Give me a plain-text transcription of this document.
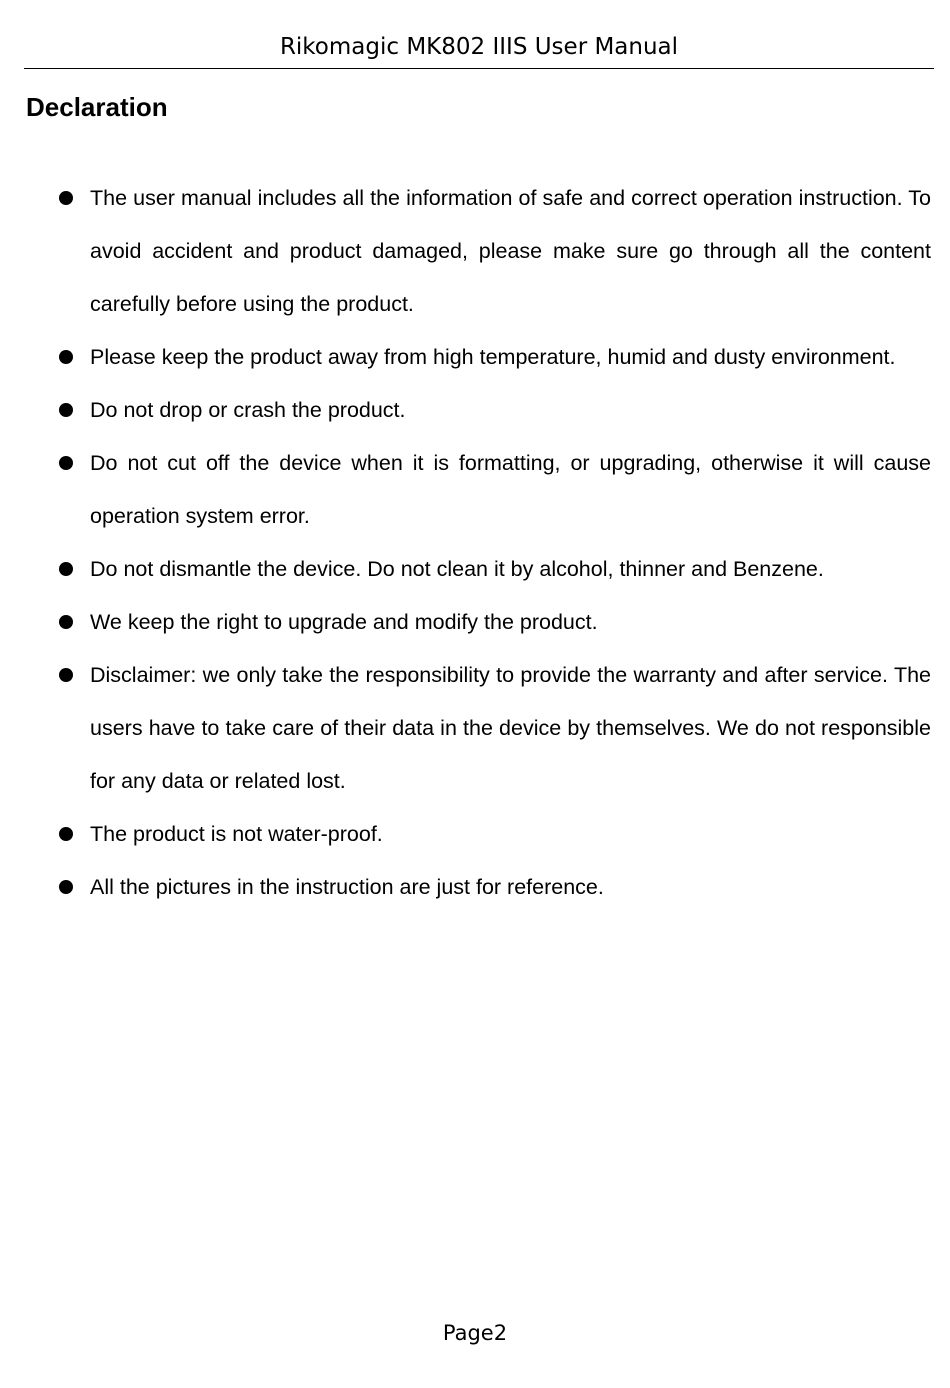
Rikomagic MK802 IIIS User Manual
Declaration
The user manual includes all the information of safe and correct operation instruction. To avoid accident and product damaged, please make sure go through all the content carefully before using the product.
Please keep the product away from high temperature, humid and dusty environment.
Do not drop or crash the product.
Do not cut off the device when it is formatting, or upgrading, otherwise it will cause operation system error.
Do not dismantle the device. Do not clean it by alcohol, thinner and Benzene.
We keep the right to upgrade and modify the product.
Disclaimer: we only take the responsibility to provide the warranty and after service. The users have to take care of their data in the device by themselves. We do not responsible for any data or related lost.
The product is not water-proof.
All the pictures in the instruction are just for reference.
Page2
